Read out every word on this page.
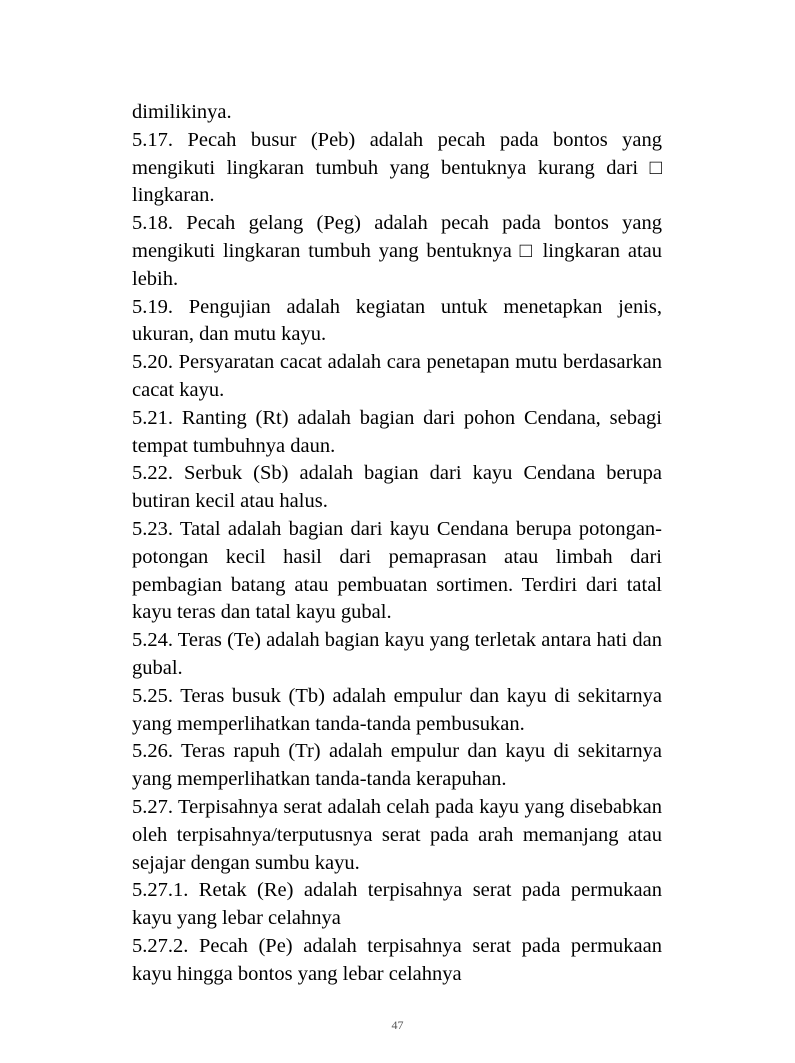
dimilikinya.

5.17. Pecah busur (Peb) adalah pecah pada bontos yang mengikuti lingkaran tumbuh yang bentuknya kurang dari □ lingkaran.

5.18. Pecah gelang (Peg) adalah pecah pada bontos yang mengikuti lingkaran tumbuh yang bentuknya □ lingkaran atau lebih.

5.19. Pengujian adalah kegiatan untuk menetapkan jenis, ukuran, dan mutu kayu.

5.20. Persyaratan cacat adalah cara penetapan mutu berdasarkan cacat kayu.

5.21. Ranting (Rt) adalah bagian dari pohon Cendana, sebagi tempat tumbuhnya daun.

5.22. Serbuk (Sb) adalah bagian dari kayu Cendana berupa butiran kecil atau halus.

5.23. Tatal adalah bagian dari kayu Cendana berupa potongan-potongan kecil hasil dari pemaprasan atau limbah dari pembagian batang atau pembuatan sortimen. Terdiri dari tatal kayu teras dan tatal kayu gubal.

5.24. Teras (Te) adalah bagian kayu yang terletak antara hati dan gubal.

5.25. Teras busuk (Tb) adalah empulur dan kayu di sekitarnya yang memperlihatkan tanda-tanda pembusukan.

5.26. Teras rapuh (Tr) adalah empulur dan kayu di sekitarnya yang memperlihatkan tanda-tanda kerapuhan.

5.27. Terpisahnya serat adalah celah pada kayu yang disebabkan oleh terpisahnya/terputusnya serat pada arah memanjang atau sejajar dengan sumbu kayu.

5.27.1. Retak (Re) adalah terpisahnya serat pada permukaan kayu yang lebar celahnya

5.27.2. Pecah (Pe) adalah terpisahnya serat pada permukaan kayu hingga bontos yang lebar celahnya

47
